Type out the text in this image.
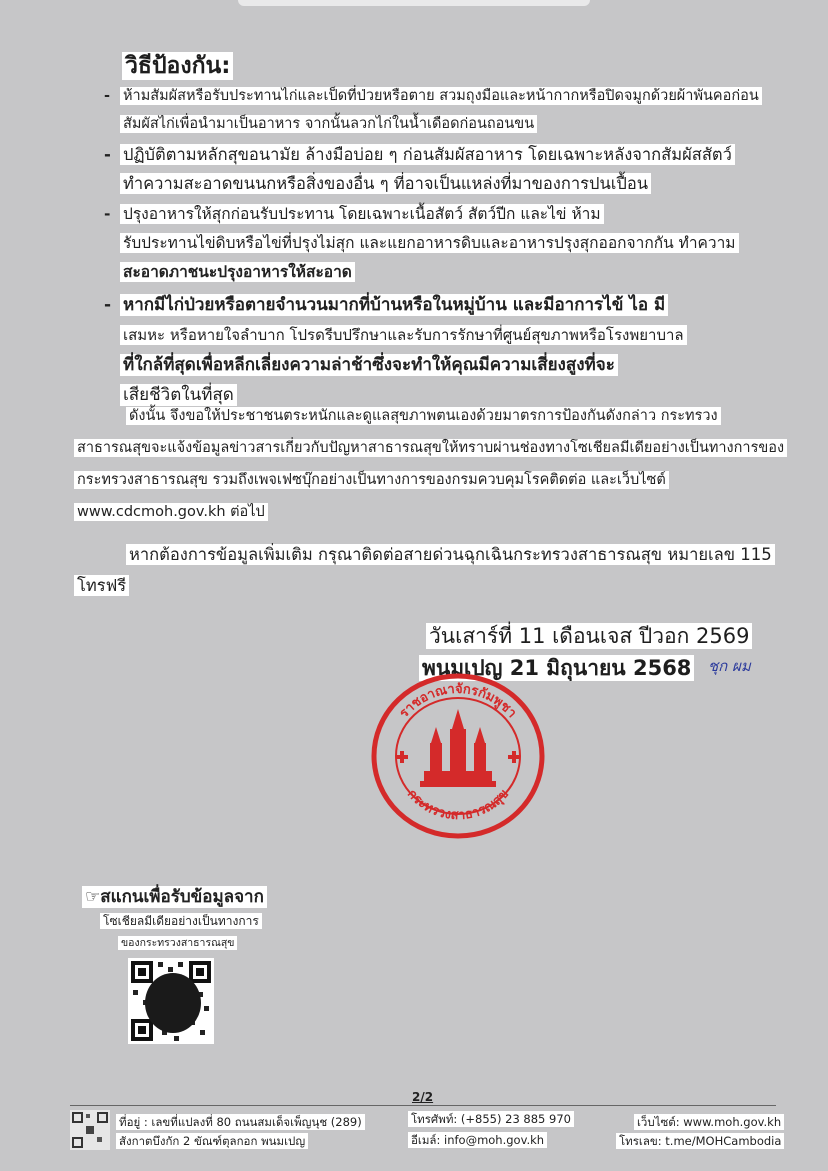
วิธีป้องกัน:
- ห้ามสัมผัสหรือรับประทานไก่และเป็ดที่ป่วยหรือตาย สวมถุงมือและหน้ากากหรือปิดจมูกด้วยผ้าพันคอก่อน
สัมผัสไก่เพื่อนำมาเป็นอาหาร จากนั้นลวกไก่ในน้ำเดือดก่อนถอนขน
- ปฏิบัติตามหลักสุขอนามัย ล้างมือบ่อย ๆ ก่อนสัมผัสอาหาร โดยเฉพาะหลังจากสัมผัสสัตว์
ทำความสะอาดขนนกหรือสิ่งของอื่น ๆ ที่อาจเป็นแหล่งที่มาของการปนเปื้อน
- ปรุงอาหารให้สุกก่อนรับประทาน โดยเฉพาะเนื้อสัตว์ สัตว์ปีก และไข่ ห้าม
รับประทานไข่ดิบหรือไข่ที่ปรุงไม่สุก และแยกอาหารดิบและอาหารปรุงสุกออกจากกัน ทำความ
สะอาดภาชนะปรุงอาหารให้สะอาด
- หากมีไก่ป่วยหรือตายจำนวนมากที่บ้านหรือในหมู่บ้าน และมีอาการไข้ ไอ มี
เสมหะ หรือหายใจลำบาก โปรดรีบปรึกษาและรับการรักษาที่ศูนย์สุขภาพหรือโรงพยาบาล
ที่ใกล้ที่สุดเพื่อหลีกเลี่ยงความล่าช้าซึ่งจะทำให้คุณมีความเสี่ยงสูงที่จะ
เสียชีวิตในที่สุด
ดังนั้น จึงขอให้ประชาชนตระหนักและดูแลสุขภาพตนเองด้วยมาตรการป้องกันดังกล่าว กระทรวงสาธารณสุขจะแจ้งข้อมูลข่าวสารเกี่ยวกับปัญหาสาธารณสุขให้ทราบผ่านช่องทางโซเชียลมีเดียอย่างเป็นทางการของกระทรวงสาธารณสุข รวมถึงเพจเฟซบุ๊กอย่างเป็นทางการของกรมควบคุมโรคติดต่อ และเว็บไซต์ www.cdcmoh.gov.kh ต่อไป
หากต้องการข้อมูลเพิ่มเติม กรุณาติดต่อสายด่วนฉุกเฉินกระทรวงสาธารณสุข หมายเลข 115 โทรฟรี
วันเสาร์ที่ 11 เดือนเจส ปีวอก 2569
พนมเปญ 21 มิถุนายน 2568 ชุก ผม
ราชอาณาจักรกัมพูชา
กระทรวงสาธารณสุข
☞สแกนเพื่อรับข้อมูลจาก
โซเชียลมีเดียอย่างเป็นทางการ
ของกระทรวงสาธารณสุข
2/2
ที่อยู่ : เลขที่แปลงที่ 80 ถนนสมเด็จเพ็ญนุช (289)
สังกาตบึงกัก 2 ขัณฑ์ตุลกอก พนมเปญ
โทรศัพท์: (+855) 23 885 970
อีเมล์: info@moh.gov.kh
เว็บไซต์: www.moh.gov.kh
โทรเลข: t.me/MOHCambodia
